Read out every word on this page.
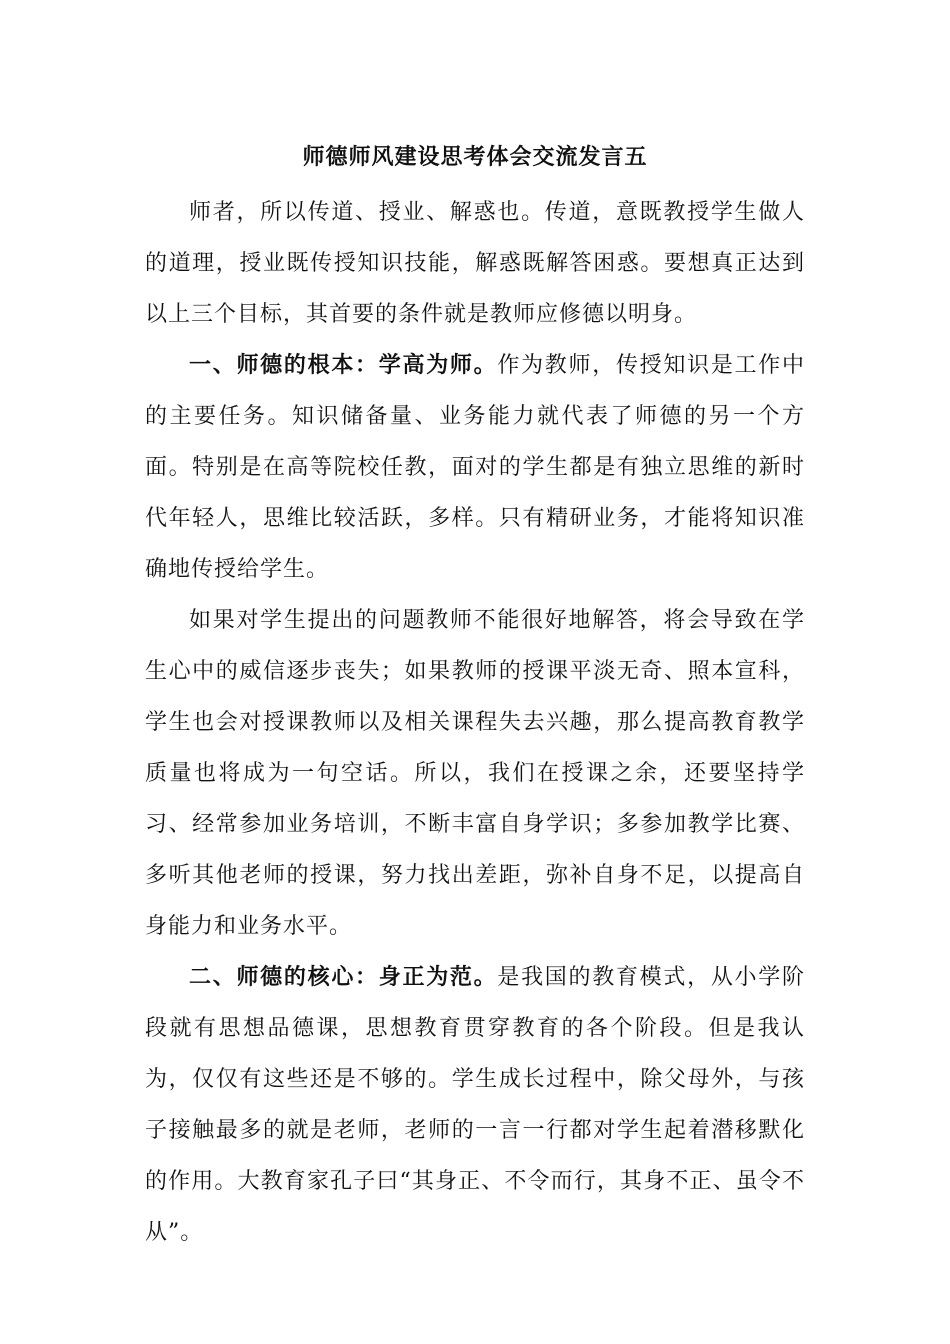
师德师风建设思考体会交流发言五

师者，所以传道、授业、解惑也。传道，意既教授学生做人的道理，授业既传授知识技能，解惑既解答困惑。要想真正达到以上三个目标，其首要的条件就是教师应修德以明身。

一、师德的根本：学高为师。作为教师，传授知识是工作中的主要任务。知识储备量、业务能力就代表了师德的另一个方面。特别是在高等院校任教，面对的学生都是有独立思维的新时代年轻人，思维比较活跃，多样。只有精研业务，才能将知识准确地传授给学生。

如果对学生提出的问题教师不能很好地解答，将会导致在学生心中的威信逐步丧失；如果教师的授课平淡无奇、照本宣科，学生也会对授课教师以及相关课程失去兴趣，那么提高教育教学质量也将成为一句空话。所以，我们在授课之余，还要坚持学习、经常参加业务培训，不断丰富自身学识；多参加教学比赛、多听其他老师的授课，努力找出差距，弥补自身不足，以提高自身能力和业务水平。

二、师德的核心：身正为范。是我国的教育模式，从小学阶段就有思想品德课，思想教育贯穿教育的各个阶段。但是我认为，仅仅有这些还是不够的。学生成长过程中，除父母外，与孩子接触最多的就是老师，老师的一言一行都对学生起着潜移默化的作用。大教育家孔子曰“其身正、不令而行，其身不正、虽令不从”。
